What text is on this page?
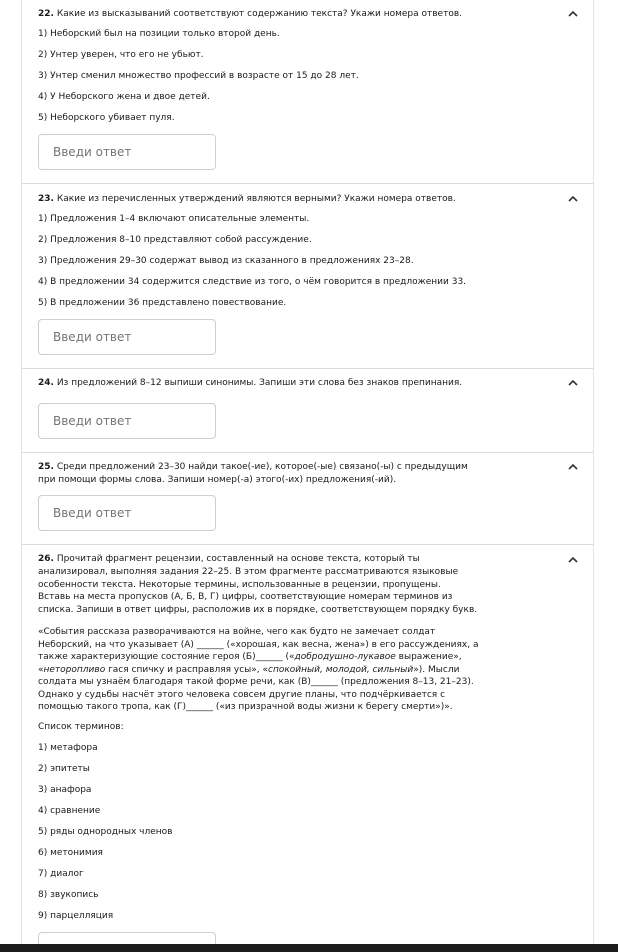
22. Какие из высказываний соответствуют содержанию текста? Укажи номера ответов.
1) Неборский был на позиции только второй день.
2) Унтер уверен, что его не убьют.
3) Унтер сменил множество профессий в возрасте от 15 до 28 лет.
4) У Неборского жена и двое детей.
5) Неборского убивает пуля.
Введи ответ
23. Какие из перечисленных утверждений являются верными? Укажи номера ответов.
1) Предложения 1–4 включают описательные элементы.
2) Предложения 8–10 представляют собой рассуждение.
3) Предложения 29–30 содержат вывод из сказанного в предложениях 23–28.
4) В предложении 34 содержится следствие из того, о чём говорится в предложении 33.
5) В предложении 36 представлено повествование.
Введи ответ
24. Из предложений 8–12 выпиши синонимы. Запиши эти слова без знаков препинания.
Введи ответ
25. Среди предложений 23–30 найди такое(-ие), которое(-ые) связано(-ы) с предыдущим
при помощи формы слова. Запиши номер(-а) этого(-их) предложения(-ий).
Введи ответ
26. Прочитай фрагмент рецензии, составленный на основе текста, который ты
анализировал, выполняя задания 22–25. В этом фрагменте рассматриваются языковые
особенности текста. Некоторые термины, использованные в рецензии, пропущены.
Вставь на места пропусков (А, Б, В, Г) цифры, соответствующие номерам терминов из
списка. Запиши в ответ цифры, расположив их в порядке, соответствующем порядку букв.
«События рассказа разворачиваются на войне, чего как будто не замечает солдат
Неборский, на что указывает (А) ______ («хорошая, как весна, жена») в его рассуждениях, а
также характеризующие состояние героя (Б)______ («добродушно-лукавое выражение»,
«неторопливо гася спичку и расправляя усы», «спокойный, молодой, сильный»). Мысли
солдата мы узнаём благодаря такой форме речи, как (В)______ (предложения 8–13, 21–23).
Однако у судьбы насчёт этого человека совсем другие планы, что подчёркивается с
помощью такого тропа, как (Г)______ («из призрачной воды жизни к берегу смерти»)».
Список терминов:
1) метафора
2) эпитеты
3) анафора
4) сравнение
5) ряды однородных членов
6) метонимия
7) диалог
8) звукопись
9) парцелляция
